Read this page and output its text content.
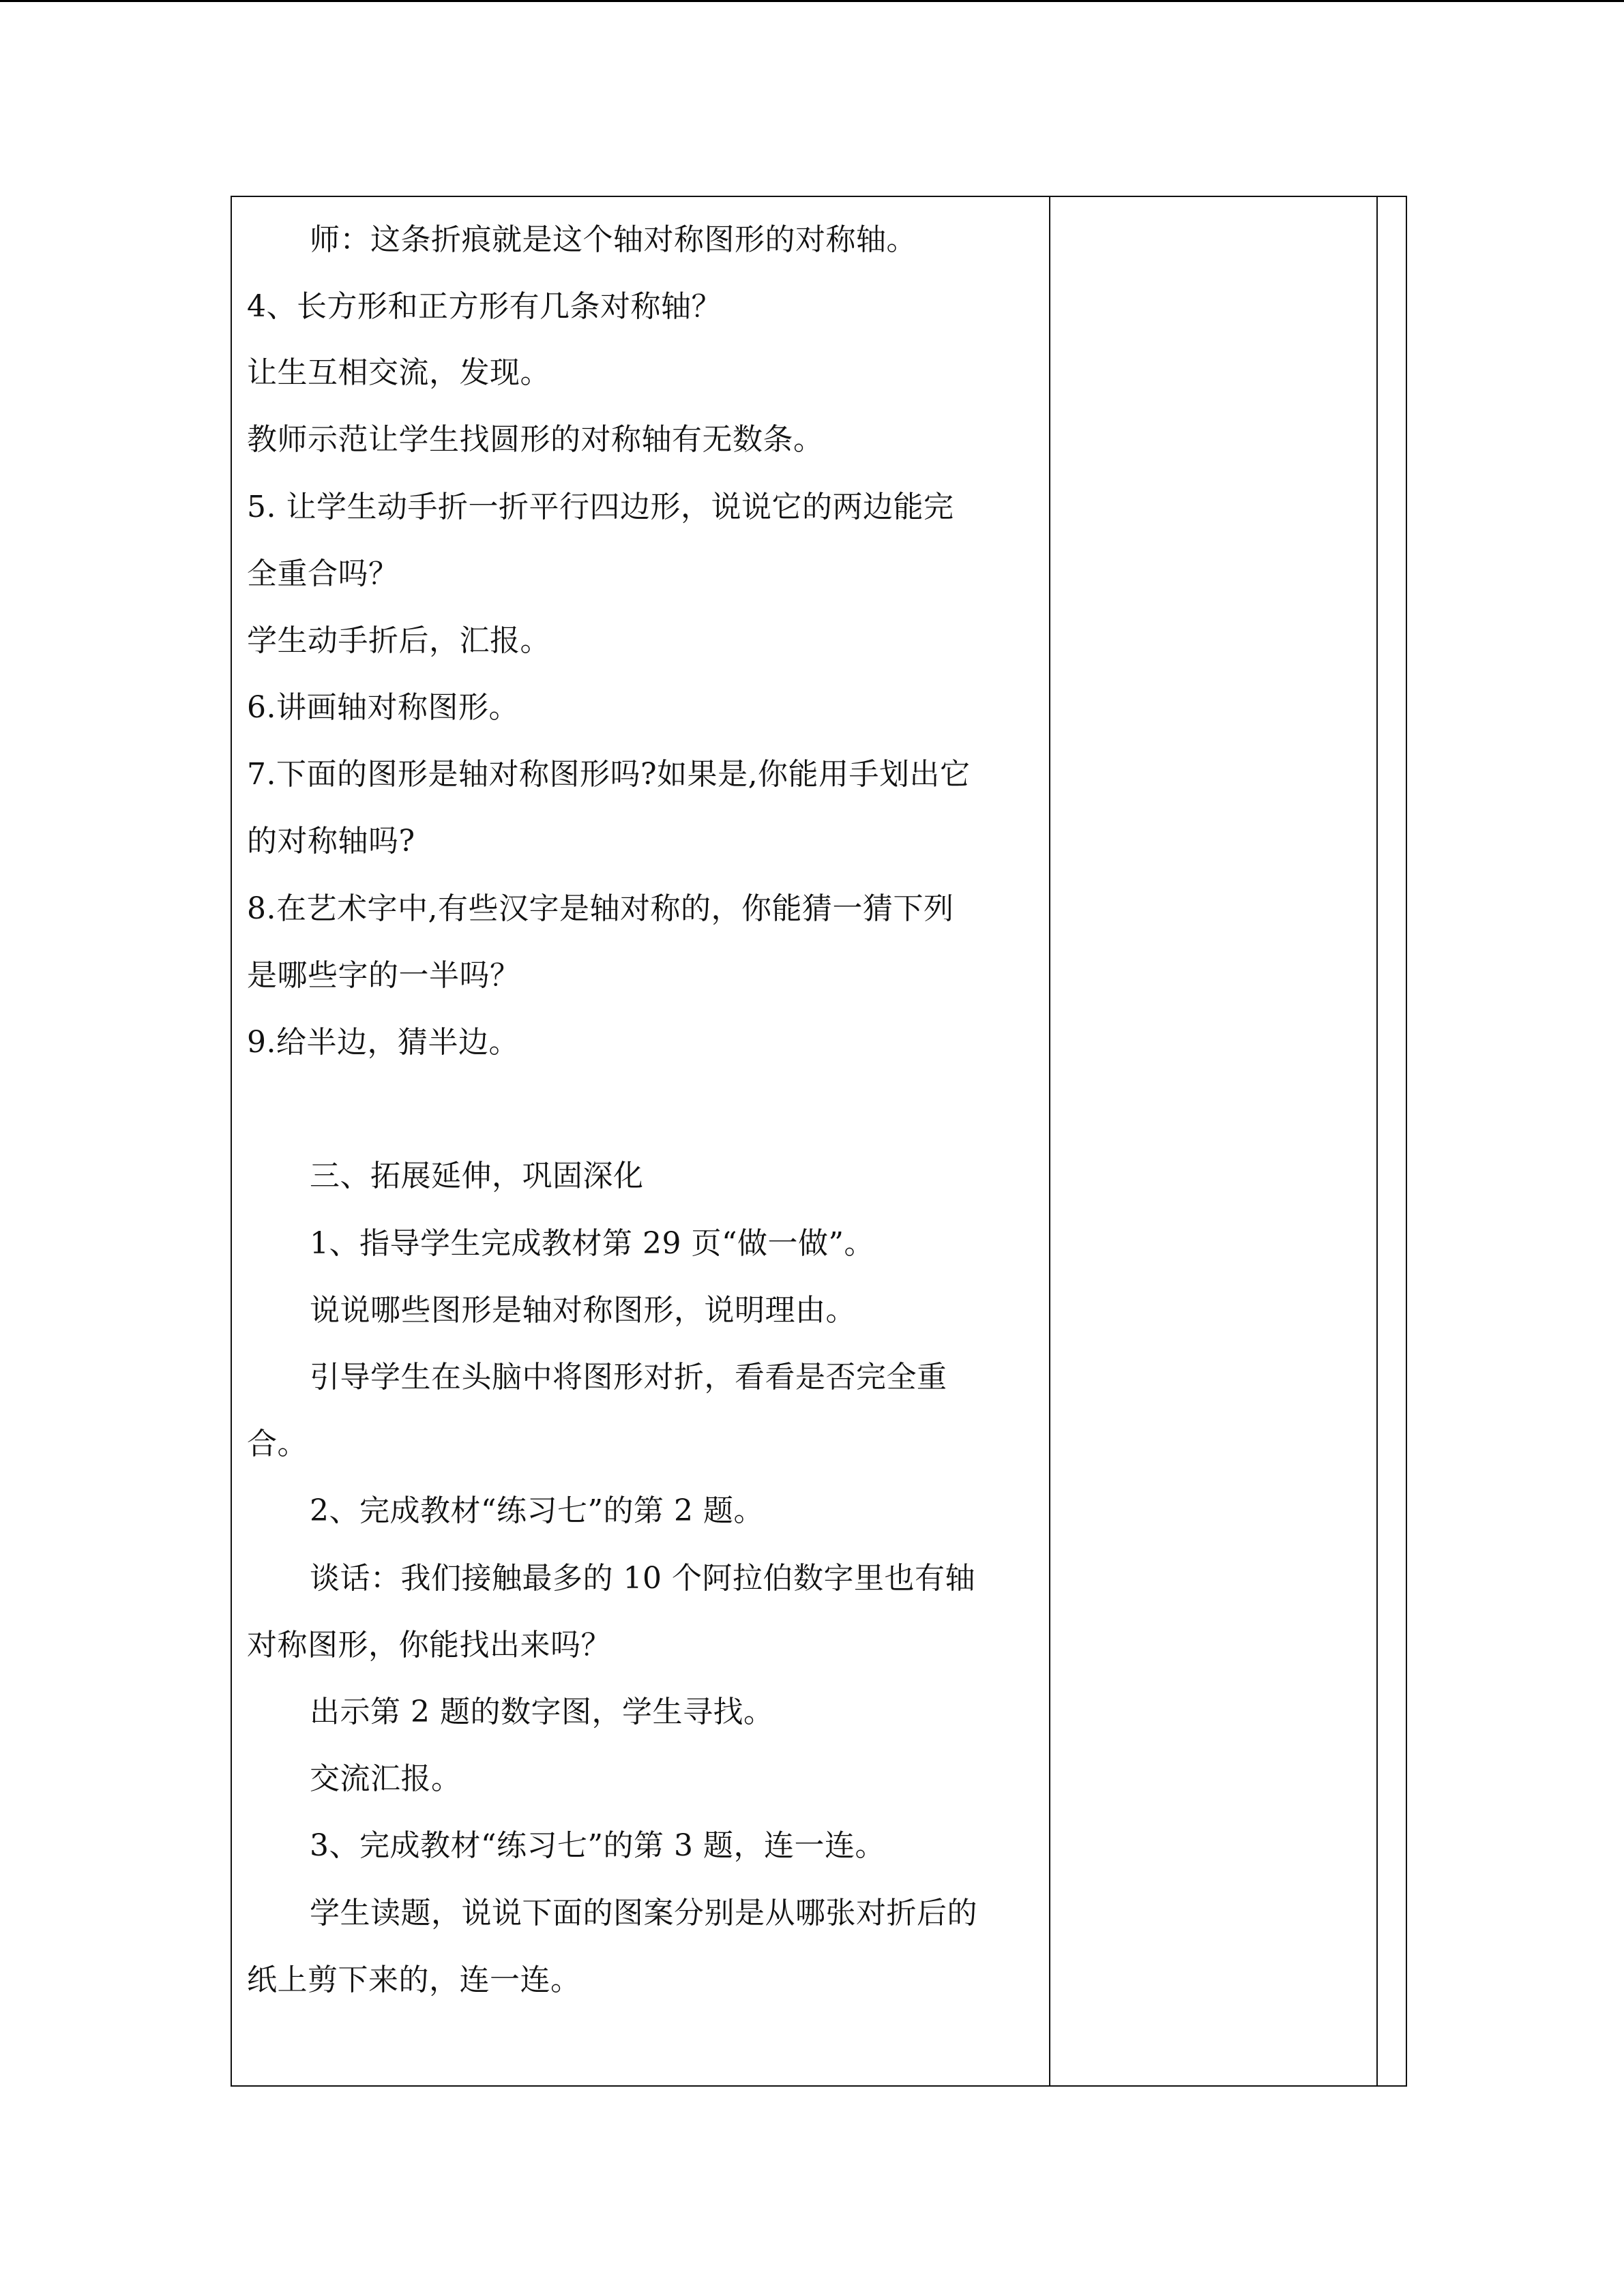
师：这条折痕就是这个轴对称图形的对称轴。
4、长方形和正方形有几条对称轴？
让生互相交流，发现。
教师示范让学生找圆形的对称轴有无数条。
5. 让学生动手折一折平行四边形，说说它的两边能完
全重合吗？
学生动手折后，汇报。
6.讲画轴对称图形。
7.下面的图形是轴对称图形吗?如果是,你能用手划出它
的对称轴吗?
8.在艺术字中,有些汉字是轴对称的，你能猜一猜下列
是哪些字的一半吗？
9.给半边，猜半边。
三、拓展延伸，巩固深化
1、指导学生完成教材第 29 页“做一做”。
说说哪些图形是轴对称图形，说明理由。
引导学生在头脑中将图形对折，看看是否完全重
合。
2、完成教材“练习七”的第 2 题。
谈话：我们接触最多的 10 个阿拉伯数字里也有轴
对称图形，你能找出来吗？
出示第 2 题的数字图，学生寻找。
交流汇报。
3、完成教材“练习七”的第 3 题，连一连。
学生读题，说说下面的图案分别是从哪张对折后的
纸上剪下来的，连一连。
